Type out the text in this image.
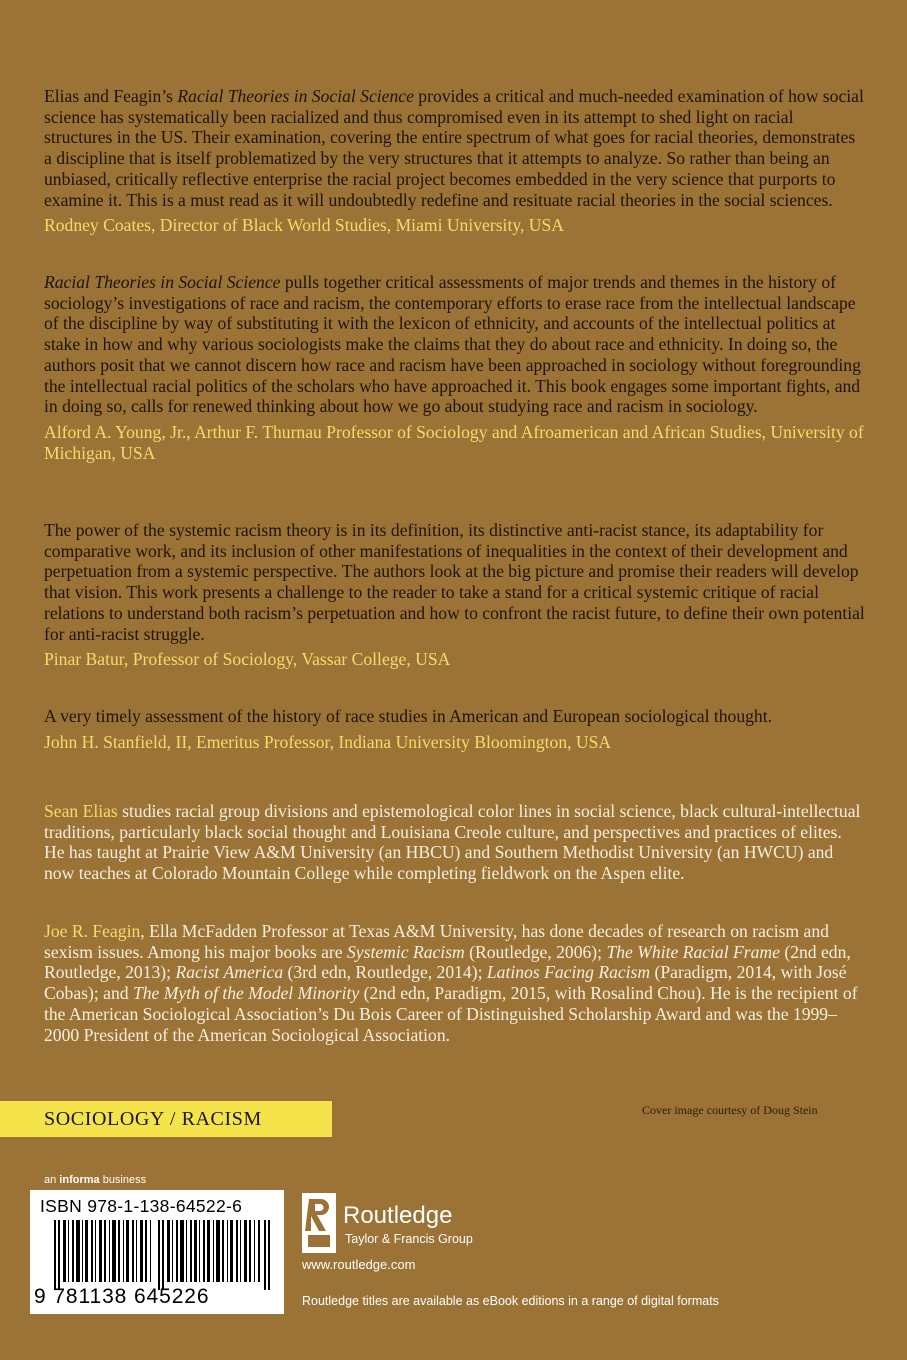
Elias and Feagin’s Racial Theories in Social Science provides a critical and much-needed examination of how social science has systematically been racialized and thus compromised even in its attempt to shed light on racial structures in the US. Their examination, covering the entire spectrum of what goes for racial theories, demonstrates a discipline that is itself problematized by the very structures that it attempts to analyze. So rather than being an unbiased, critically reflective enterprise the racial project becomes embedded in the very science that purports to examine it. This is a must read as it will undoubtedly redefine and resituate racial theories in the social sciences.

Rodney Coates, Director of Black World Studies, Miami University, USA

Racial Theories in Social Science pulls together critical assessments of major trends and themes in the history of sociology’s investigations of race and racism, the contemporary efforts to erase race from the intellectual landscape of the discipline by way of substituting it with the lexicon of ethnicity, and accounts of the intellectual politics at stake in how and why various sociologists make the claims that they do about race and ethnicity. In doing so, the authors posit that we cannot discern how race and racism have been approached in sociology without foregrounding the intellectual racial politics of the scholars who have approached it. This book engages some important fights, and in doing so, calls for renewed thinking about how we go about studying race and racism in sociology.

Alford A. Young, Jr., Arthur F. Thurnau Professor of Sociology and Afroamerican and African Studies, University of Michigan, USA

The power of the systemic racism theory is in its definition, its distinctive anti-racist stance, its adaptability for comparative work, and its inclusion of other manifestations of inequalities in the context of their development and perpetuation from a systemic perspective. The authors look at the big picture and promise their readers will develop that vision. This work presents a challenge to the reader to take a stand for a critical systemic critique of racial relations to understand both racism’s perpetuation and how to confront the racist future, to define their own potential for anti-racist struggle.

Pinar Batur, Professor of Sociology, Vassar College, USA

A very timely assessment of the history of race studies in American and European sociological thought.

John H. Stanfield, II, Emeritus Professor, Indiana University Bloomington, USA

Sean Elias studies racial group divisions and epistemological color lines in social science, black cultural-intellectual traditions, particularly black social thought and Louisiana Creole culture, and perspectives and practices of elites. He has taught at Prairie View A&M University (an HBCU) and Southern Methodist University (an HWCU) and now teaches at Colorado Mountain College while completing fieldwork on the Aspen elite.
Joe R. Feagin, Ella McFadden Professor at Texas A&M University, has done decades of research on racism and sexism issues. Among his major books are Systemic Racism (Routledge, 2006); The White Racial Frame (2nd edn, Routledge, 2013); Racist America (3rd edn, Routledge, 2014); Latinos Facing Racism (Paradigm, 2014, with José Cobas); and The Myth of the Model Minority (2nd edn, Paradigm, 2015, with Rosalind Chou). He is the recipient of the American Sociological Association’s Du Bois Career of Distinguished Scholarship Award and was the 1999–2000 President of the American Sociological Association.
SOCIOLOGY / RACISM	Cover image courtesy of Doug Stein
an informa business
ISBN 978-1-138-64522-6
9 781138 645226
Routledge
Taylor & Francis Group
www.routledge.com
Routledge titles are available as eBook editions in a range of digital formats
